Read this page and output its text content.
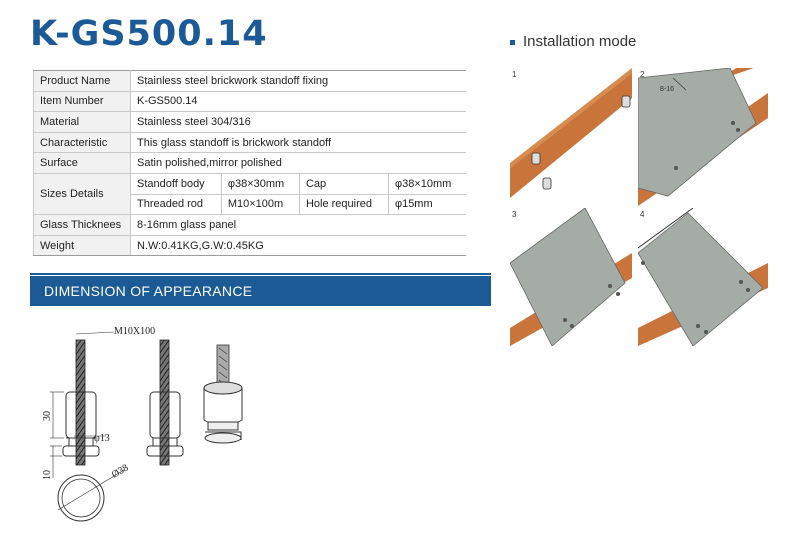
K-GS500.14	Installation mode
Product Name	Stainless steel brickwork standoff fixing			
Item Number	K-GS500.14			
Material	Stainless steel 304/316			
Characteristic	This glass standoff is brickwork standoff			
Surface	Satin polished,mirror polished			
Sizes Details	Standoff body	φ38×30mm	Cap	φ38×10mm
	Threaded rod	M10×100m	Hole required	φ15mm
Glass Thicknees	8-16mm glass panel			
Weight	N.W:0.41KG,G.W:0.45KG			
DIMENSION OF APPEARANCE
M10X100
30
10
φ13
Ø38
1	2
8-16
3	4
